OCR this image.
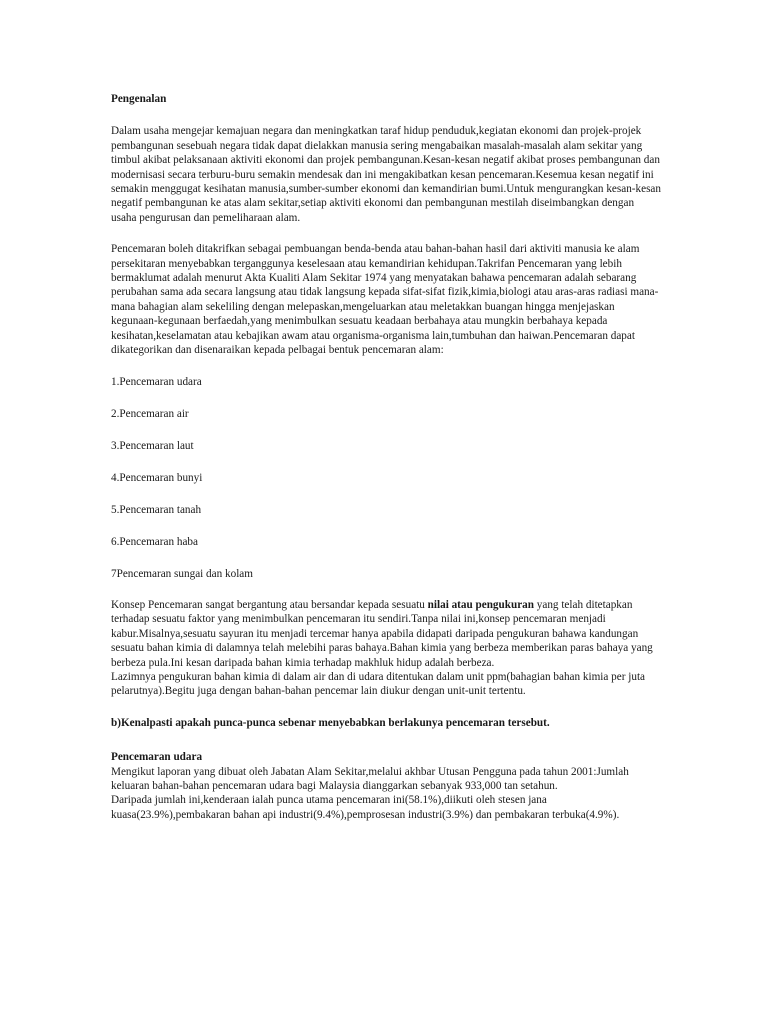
Pengenalan

Dalam usaha mengejar kemajuan negara dan meningkatkan taraf hidup penduduk,kegiatan ekonomi dan projek-projek pembangunan sesebuah negara tidak dapat dielakkan manusia sering mengabaikan masalah-masalah alam sekitar yang timbul akibat pelaksanaan aktiviti ekonomi dan projek pembangunan.Kesan-kesan negatif akibat proses pembangunan dan modernisasi secara terburu-buru semakin mendesak dan ini mengakibatkan kesan pencemaran.Kesemua kesan negatif ini semakin menggugat kesihatan manusia,sumber-sumber ekonomi dan kemandirian bumi.Untuk mengurangkan kesan-kesan negatif pembangunan ke atas alam sekitar,setiap aktiviti ekonomi dan pembangunan mestilah diseimbangkan dengan usaha pengurusan dan pemeliharaan alam.

Pencemaran boleh ditakrifkan sebagai pembuangan benda-benda atau bahan-bahan hasil dari aktiviti manusia ke alam persekitaran menyebabkan terganggunya keselesaan atau kemandirian kehidupan.Takrifan Pencemaran yang lebih bermaklumat adalah menurut Akta Kualiti Alam Sekitar 1974 yang menyatakan bahawa pencemaran adalah sebarang perubahan sama ada secara langsung atau tidak langsung kepada sifat-sifat fizik,kimia,biologi atau aras-aras radiasi mana-mana bahagian alam sekeliling dengan melepaskan,mengeluarkan atau meletakkan buangan hingga menjejaskan kegunaan-kegunaan berfaedah,yang menimbulkan sesuatu keadaan berbahaya atau mungkin berbahaya kepada kesihatan,keselamatan atau kebajikan awam atau organisma-organisma lain,tumbuhan dan haiwan.Pencemaran dapat dikategorikan dan disenaraikan kepada pelbagai bentuk pencemaran alam:

1.Pencemaran udara

2.Pencemaran air

3.Pencemaran laut

4.Pencemaran bunyi

5.Pencemaran tanah

6.Pencemaran haba

7Pencemaran sungai dan kolam

Konsep Pencemaran sangat bergantung atau bersandar kepada sesuatu nilai atau pengukuran yang telah ditetapkan terhadap sesuatu faktor yang menimbulkan pencemaran itu sendiri.Tanpa nilai ini,konsep pencemaran menjadi kabur.Misalnya,sesuatu sayuran itu menjadi tercemar hanya apabila didapati daripada pengukuran bahawa kandungan sesuatu bahan kimia di dalamnya telah melebihi paras bahaya.Bahan kimia yang berbeza memberikan paras bahaya yang berbeza pula.Ini kesan daripada bahan kimia terhadap makhluk hidup adalah berbeza.

Lazimnya pengukuran bahan kimia di dalam air dan di udara ditentukan dalam unit ppm(bahagian bahan kimia per juta pelarutnya).Begitu juga dengan bahan-bahan pencemar lain diukur dengan unit-unit tertentu.

b)Kenalpasti apakah punca-punca sebenar menyebabkan berlakunya pencemaran tersebut.

Pencemaran udara

Mengikut laporan yang dibuat oleh Jabatan Alam Sekitar,melalui akhbar Utusan Pengguna pada tahun 2001:Jumlah keluaran bahan-bahan pencemaran udara bagi Malaysia dianggarkan sebanyak 933,000 tan setahun.

Daripada jumlah ini,kenderaan ialah punca utama pencemaran ini(58.1%),diikuti oleh stesen jana kuasa(23.9%),pembakaran bahan api industri(9.4%),pemprosesan industri(3.9%) dan pembakaran terbuka(4.9%).
